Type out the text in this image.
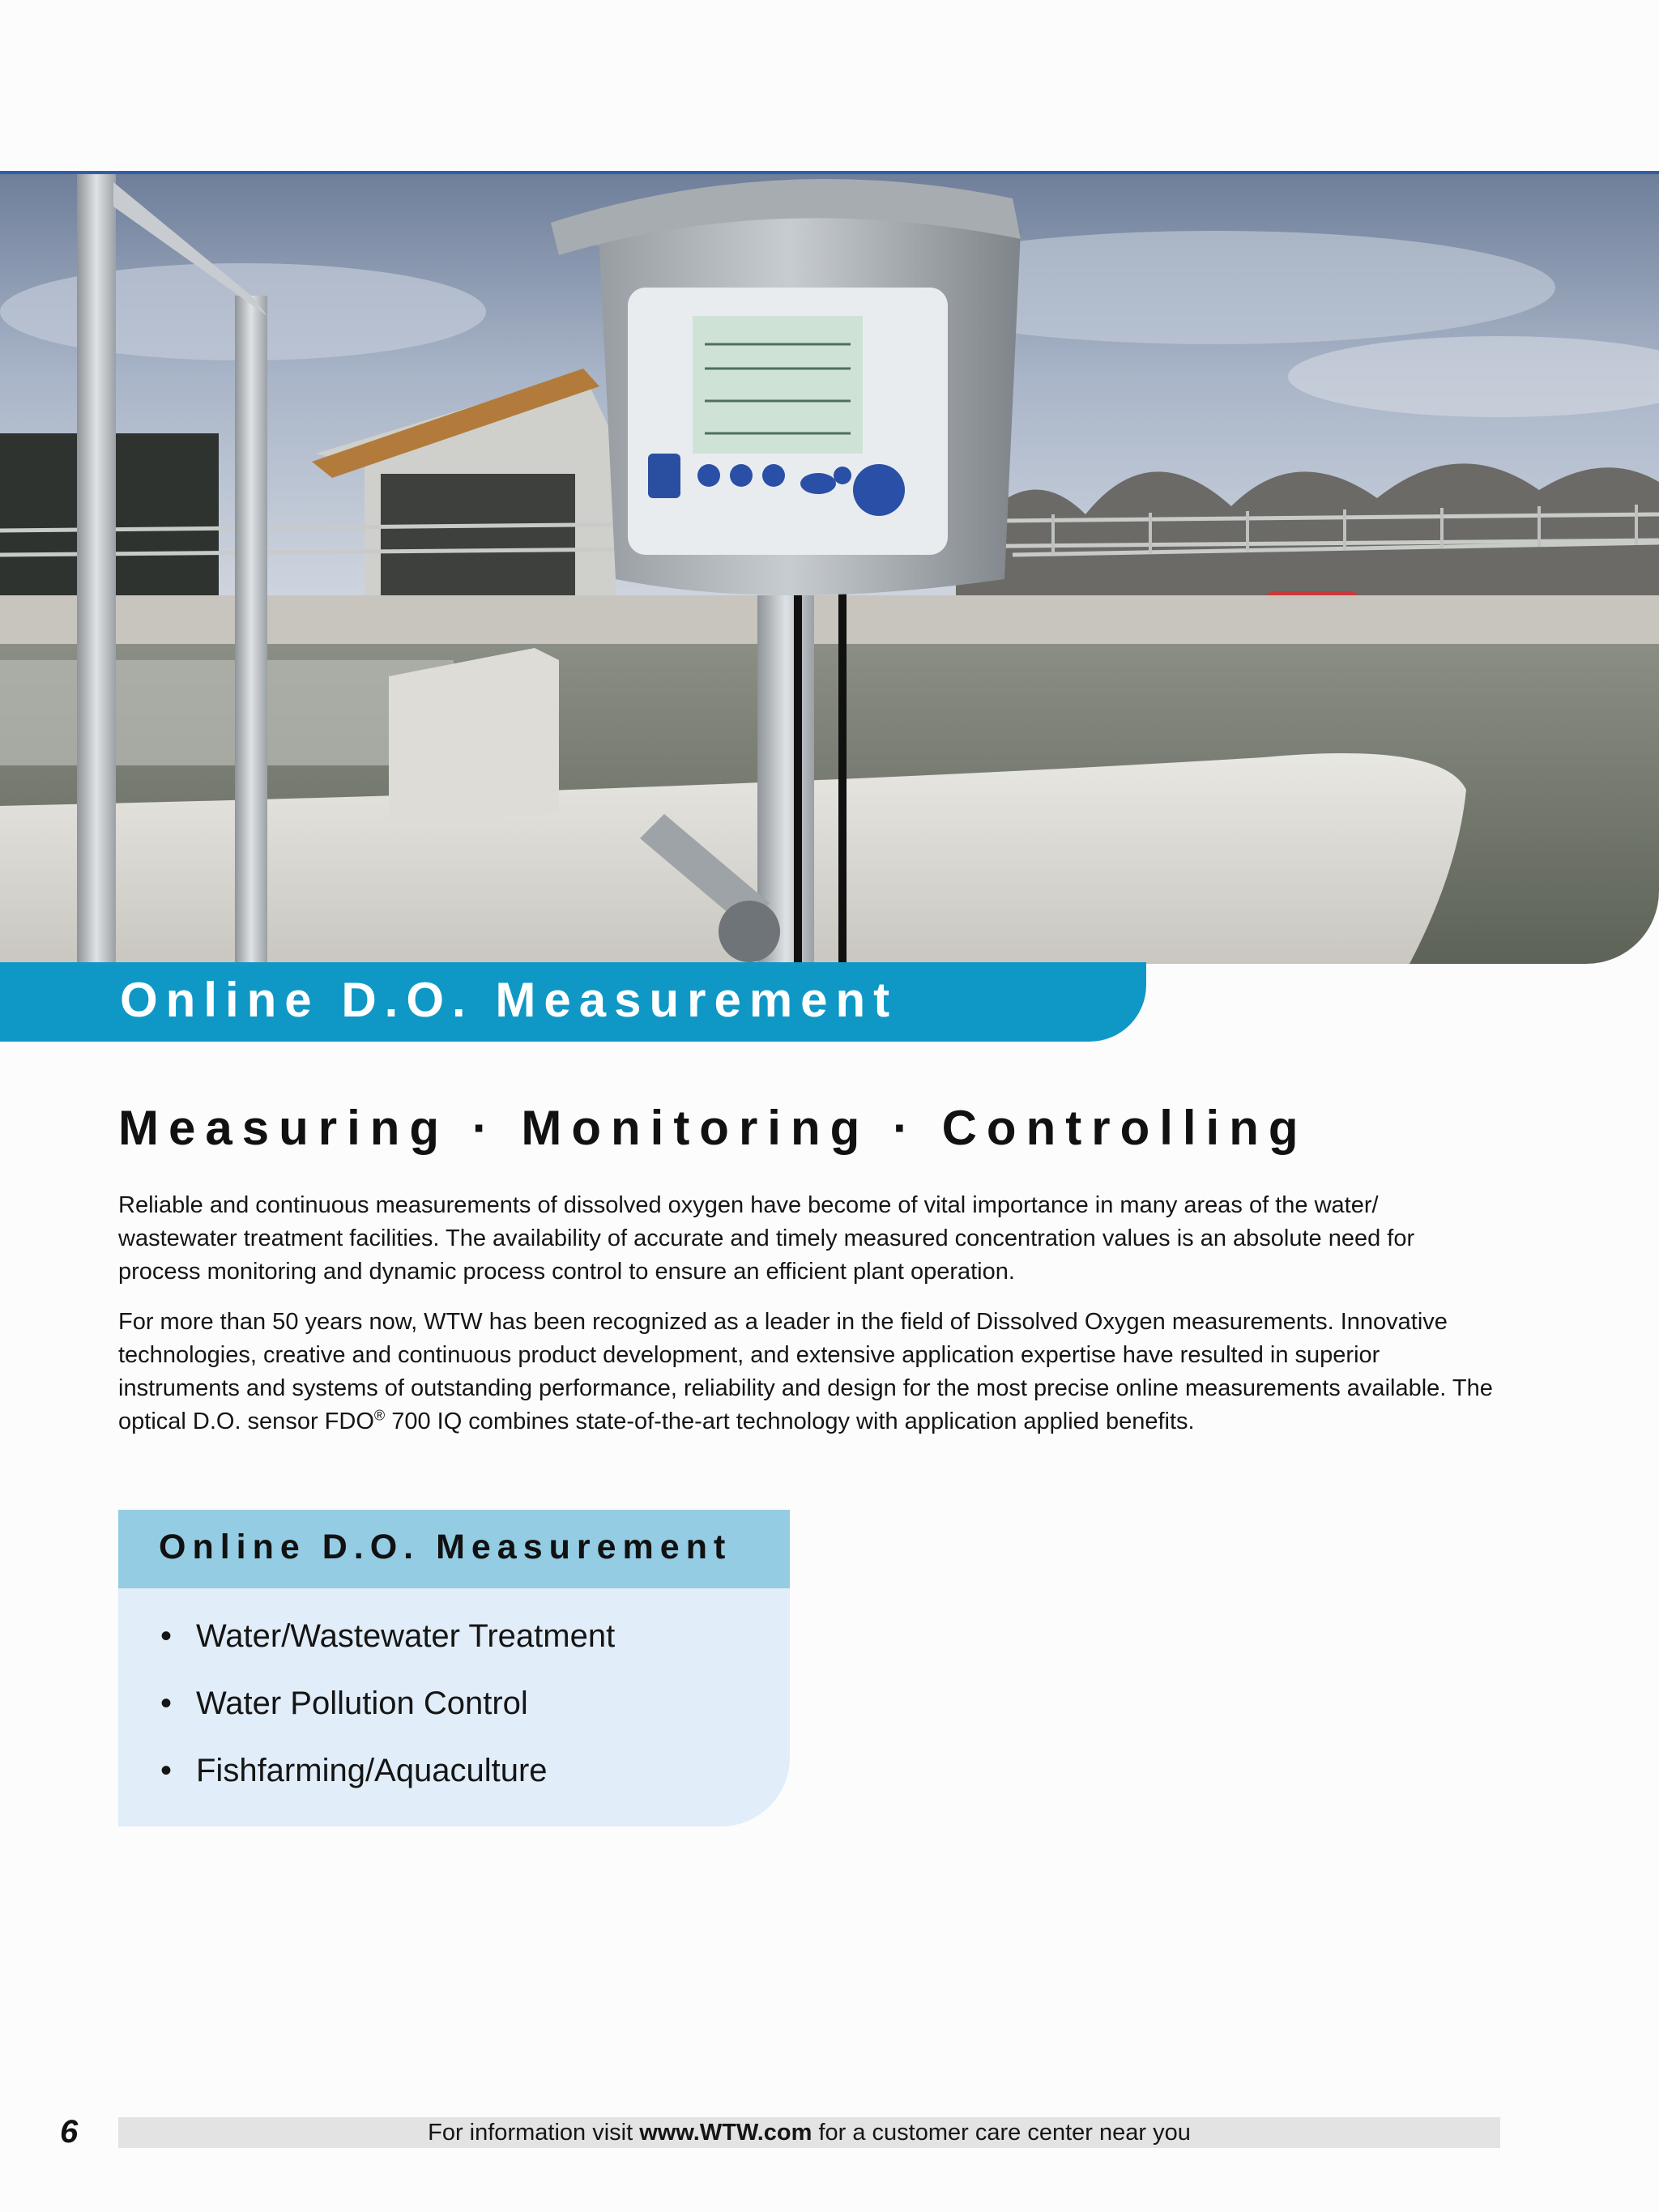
Online D.O. Measurement
Measuring · Monitoring · Controlling

Reliable and continuous measurements of dissolved oxygen have become of vital importance in many areas of the water/ wastewater treatment facilities. The availability of accurate and timely measured concentration values is an absolute need for process monitoring and dynamic process control to ensure an efficient plant operation.

For more than 50 years now, WTW has been recognized as a leader in the field of Dissolved Oxygen measurements. Innovative technologies, creative and continuous product development, and extensive application expertise have resulted in superior instruments and systems of outstanding performance, reliability and design for the most precise online measurements available. The optical D.O. sensor FDO® 700 IQ combines state-of-the-art technology with application applied benefits.

Online D.O. Measurement
• Water/Wastewater Treatment
• Water Pollution Control
• Fishfarming/Aquaculture
6	For information visit www.WTW.com for a customer care center near you
